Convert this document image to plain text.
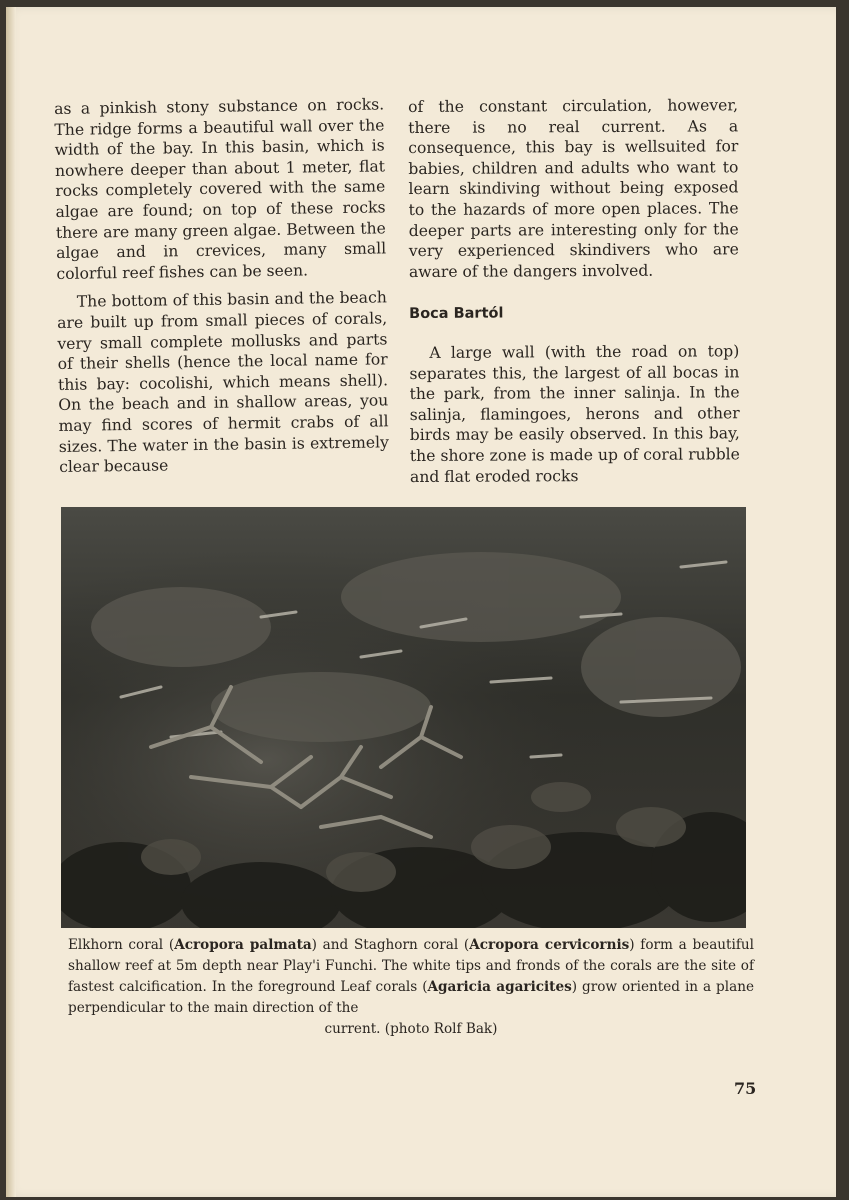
as a pinkish stony substance on rocks. The ridge forms a beautiful wall over the width of the bay. In this basin, which is nowhere deeper than about 1 meter, flat rocks completely covered with the same algae are found; on top of these rocks there are many green algae. Between the algae and in crevices, many small colorful reef fishes can be seen.

The bottom of this basin and the beach are built up from small pieces of corals, very small complete mollusks and parts of their shells (hence the local name for this bay: cocolishi, which means shell). On the beach and in shallow areas, you may find scores of hermit crabs of all sizes. The water in the basin is extremely clear because

of the constant circulation, however, there is no real current. As a consequence, this bay is wellsuited for babies, children and adults who want to learn skindiving without being exposed to the hazards of more open places. The deeper parts are interesting only for the very experienced skindivers who are aware of the dangers involved.

Boca Bartól

A large wall (with the road on top) separates this, the largest of all bocas in the park, from the inner salinja. In the salinja, flamingoes, herons and other birds may be easily observed. In this bay, the shore zone is made up of coral rubble and flat eroded rocks

Elkhorn coral (Acropora palmata) and Staghorn coral (Acropora cervicornis) form a beautiful shallow reef at 5m depth near Play'i Funchi. The white tips and fronds of the corals are the site of fastest calcification. In the foreground Leaf corals (Agaricia agaricites) grow oriented in a plane perpendicular to the main direction of the
current. (photo Rolf Bak)
75
